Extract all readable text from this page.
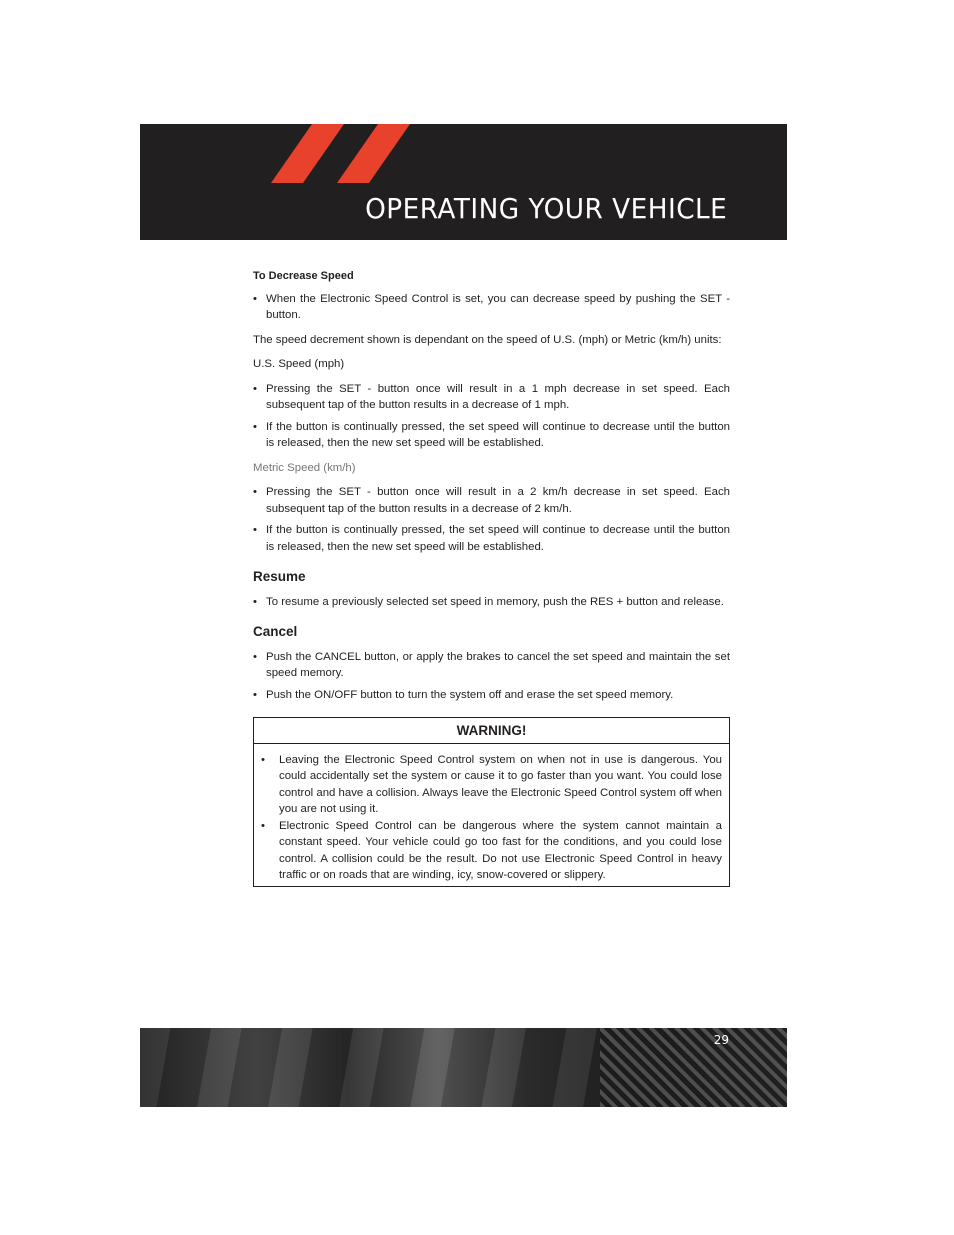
OPERATING YOUR VEHICLE
To Decrease Speed
• When the Electronic Speed Control is set, you can decrease speed by pushing the SET - button.
The speed decrement shown is dependant on the speed of U.S. (mph) or Metric (km/h) units:
U.S. Speed (mph)
• Pressing the SET - button once will result in a 1 mph decrease in set speed. Each subsequent tap of the button results in a decrease of 1 mph.
• If the button is continually pressed, the set speed will continue to decrease until the button is released, then the new set speed will be established.
Metric Speed (km/h)
• Pressing the SET - button once will result in a 2 km/h decrease in set speed. Each subsequent tap of the button results in a decrease of 2 km/h.
• If the button is continually pressed, the set speed will continue to decrease until the button is released, then the new set speed will be established.
Resume
• To resume a previously selected set speed in memory, push the RES + button and release.
Cancel
• Push the CANCEL button, or apply the brakes to cancel the set speed and maintain the set speed memory.
• Push the ON/OFF button to turn the system off and erase the set speed memory.
WARNING!
• Leaving the Electronic Speed Control system on when not in use is dangerous. You could accidentally set the system or cause it to go faster than you want. You could lose control and have a collision. Always leave the Electronic Speed Control system off when you are not using it.
• Electronic Speed Control can be dangerous where the system cannot maintain a constant speed. Your vehicle could go too fast for the conditions, and you could lose control. A collision could be the result. Do not use Electronic Speed Control in heavy traffic or on roads that are winding, icy, snow-covered or slippery.
29
